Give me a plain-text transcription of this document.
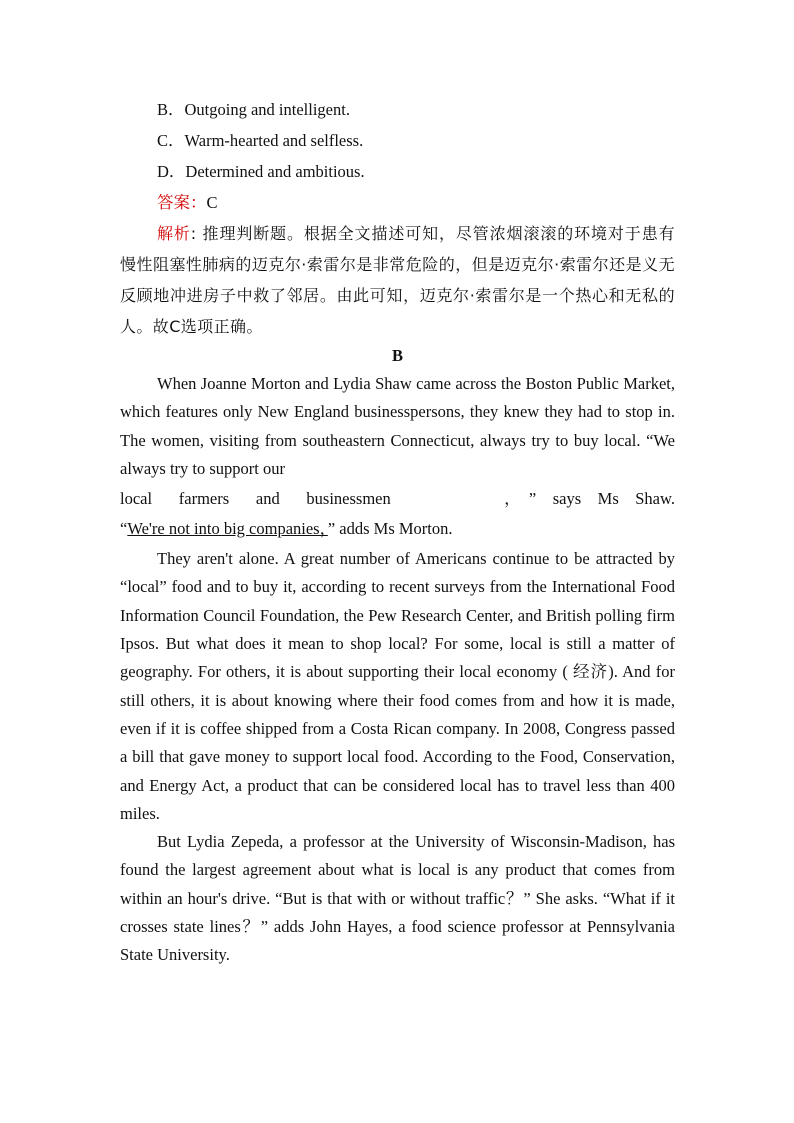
B．Outgoing and intelligent.
C．Warm-hearted and selfless.
D．Determined and ambitious.
答案：C
解析: 推理判断题。根据全文描述可知，尽管浓烟滚滚的环境对于患有慢性阻塞性肺病的迈克尔·索雷尔是非常危险的，但是迈克尔·索雷尔还是义无反顾地冲进房子中救了邻居。由此可知，迈克尔·索雷尔是一个热心和无私的人。故C选项正确。
B
When Joanne Morton and Lydia Shaw came across the Boston Public Market, which features only New England businesspersons, they knew they had to stop in. The women, visiting from southeastern Connecticut, always try to buy local. “We always try to support our
local farmers and businessmen	，　”　says　Ms　Shaw.
“We're not into big companies，” adds Ms Morton.
They aren't alone. A great number of Americans continue to be attracted by “local” food and to buy it, according to recent surveys from the International Food Information Council Foundation, the Pew Research Center, and British polling firm Ipsos. But what does it mean to shop local? For some, local is still a matter of geography. For others, it is about supporting their local economy ( 经济). And for still others, it is about knowing where their food comes from and how it is made, even if it is coffee shipped from a Costa Rican company. In 2008, Congress passed a bill that gave money to support local food. According to the Food, Conservation, and Energy Act, a product that can be considered local has to travel less than 400 miles.
But Lydia Zepeda, a professor at the University of Wisconsin-Madison, has found the largest agreement about what is local is any product that comes from within an hour's drive. “But is that with or without traffic？” She asks. “What if it crosses state lines？” adds John Hayes, a food science professor at Pennsylvania State University.
